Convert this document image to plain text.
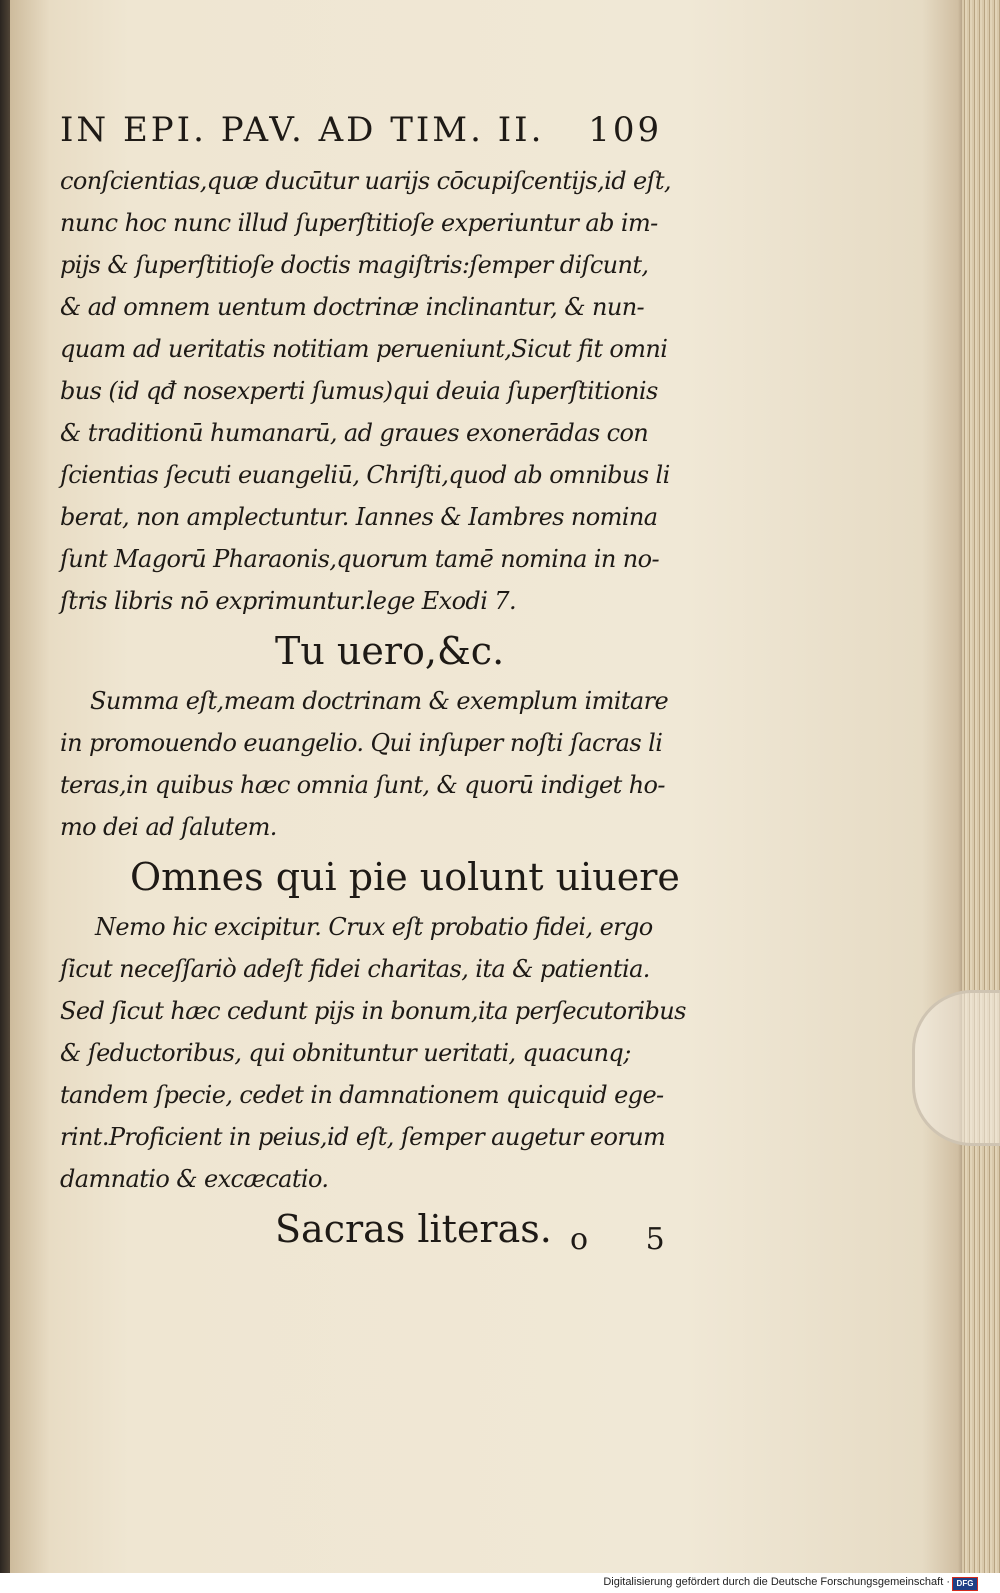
IN EPI. PAV. AD TIM. II. 109
conſcientias,quæ ducūtur uarijs cōcupiſcentijs,id eſt,
nunc hoc nunc illud ſuperſtitioſe experiuntur ab im-
pijs & ſuperſtitioſe doctis magiſtris:ſemper diſcunt,
& ad omnem uentum doctrinæ inclinantur, & nun-
quam ad ueritatis notitiam perueniunt,Sicut fit omni
bus (id qđ nosexperti ſumus)qui deuia ſuperſtitionis
& traditionū humanarū, ad graues exonerādas con
ſcientias ſecuti euangeliū, Chriſti,quod ab omnibus li
berat, non amplectuntur. Iannes & Iambres nomina
ſunt Magorū Pharaonis,quorum tamē nomina in no-
ſtris libris nō exprimuntur.lege Exodi 7.
Tu uero,&c.
Summa eſt,meam doctrinam & exemplum imitare
in promouendo euangelio. Qui inſuper noſti ſacras li
teras,in quibus hæc omnia ſunt, & quorū indiget ho-
mo dei ad ſalutem.
Omnes qui pie uolunt uiuere
Nemo hic excipitur. Crux eſt probatio fidei, ergo
ſicut neceſſariò adeſt fidei charitas, ita & patientia.
Sed ſicut hæc cedunt pijs in bonum,ita perſecutoribus
& ſeductoribus, qui obnituntur ueritati, quacunq;
tandem ſpecie, cedet in damnationem quicquid ege-
rint.Proficient in peius,id eſt, ſemper augetur eorum
damnatio & excæcatio.
Sacras literas. o 5
Digitalisierung gefördert durch die Deutsche Forschungsgemeinschaft · DFG
